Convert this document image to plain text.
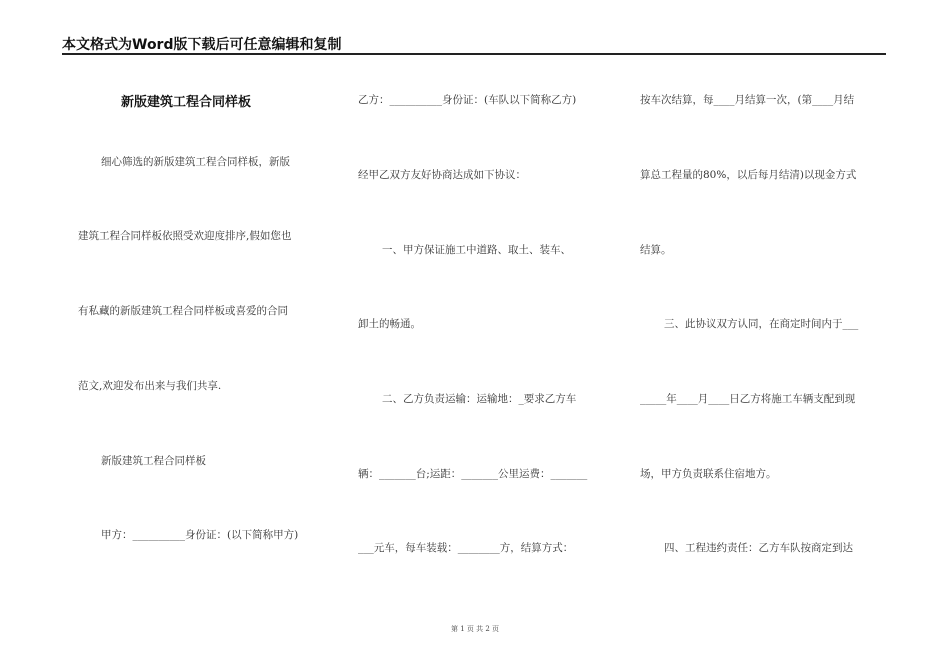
本文格式为Word版下载后可任意编辑和复制
新版建筑工程合同样板
细心筛选的新版建筑工程合同样板，新版
建筑工程合同样板依照受欢迎度排序,假如您也
有私藏的新版建筑工程合同样板或喜爱的合同
范文,欢迎发布出来与我们共享.
新版建筑工程合同样板
甲方：__________身份证：(以下简称甲方)
乙方：__________身份证：(车队以下简称乙方)
经甲乙双方友好协商达成如下协议：
一、甲方保证施工中道路、取土、装车、
卸土的畅通。
二、乙方负责运输：运输地：_要求乙方车
辆：_______台;运距：_______公里运费：_______
___元车，每车装载：________方，结算方式：
按车次结算，每____月结算一次，(第____月结
算总工程量的80%，以后每月结清)以现金方式
结算。
三、此协议双方认同，在商定时间内于___
_____年____月____日乙方将施工车辆支配到现
场，甲方负责联系住宿地方。
四、工程违约责任：乙方车队按商定到达
第 1 页 共 2 页
